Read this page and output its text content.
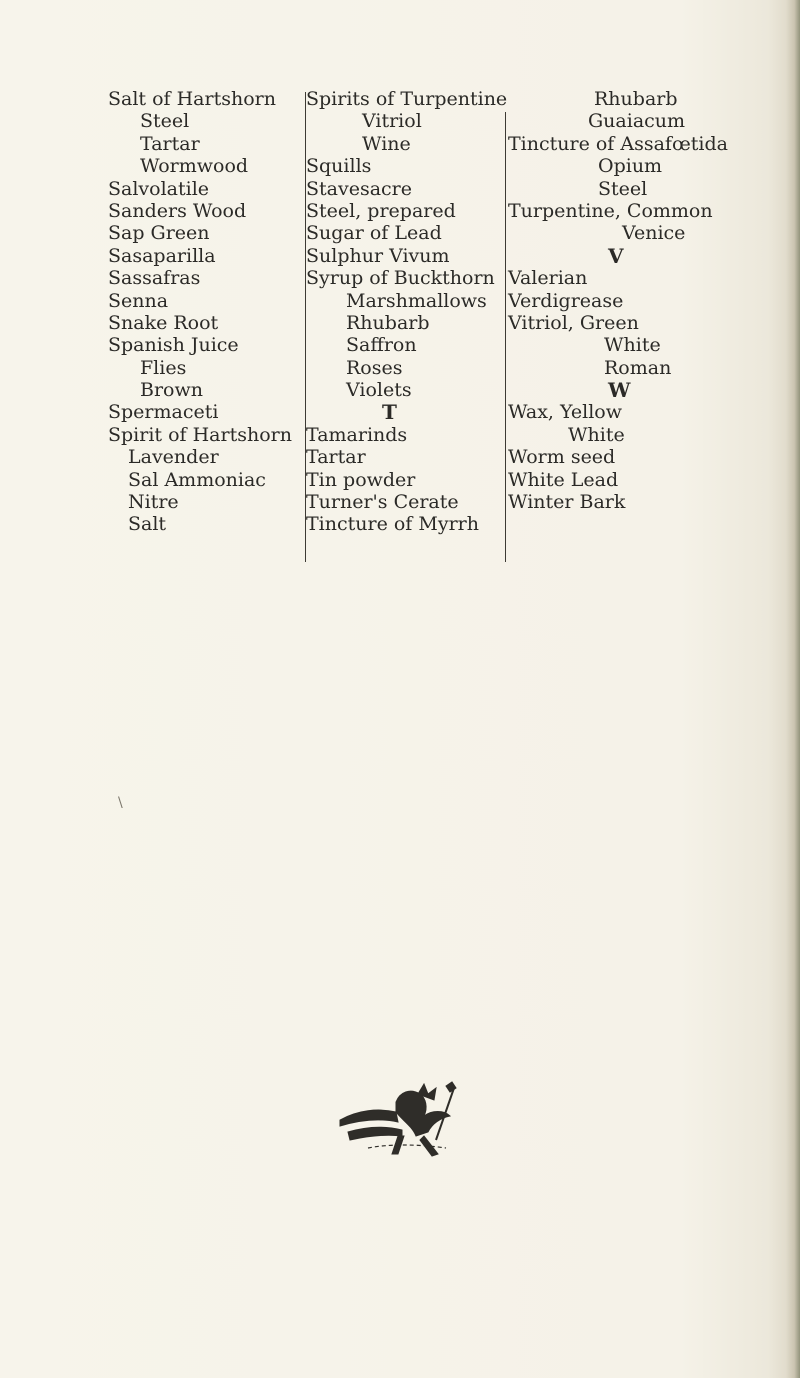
Salt of Hartshorn
Steel
Tartar
Wormwood
Salvolatile
Sanders Wood
Sap Green
Sasaparilla
Sassafras
Senna
Snake Root
Spanish Juice
Flies
Brown
Spermaceti
Spirit of Hartshorn
Lavender
Sal Ammoniac
Nitre
Salt
Spirits of Turpentine
Vitriol
Wine
Squills
Stavesacre
Steel, prepared
Sugar of Lead
Sulphur Vivum
Syrup of Buckthorn
Marshmallows
Rhubarb
Saffron
Roses
Violets
T
Tamarinds
Tartar
Tin powder
Turner's Cerate
Tincture of Myrrh
Rhubarb
Guaiacum
Tincture of Assafœtida
Opium
Steel
Turpentine, Common
Venice
V
Valerian
Verdigrease
Vitriol, Green
White
Roman
W
Wax, Yellow
White
Worm seed
White Lead
Winter Bark
\
